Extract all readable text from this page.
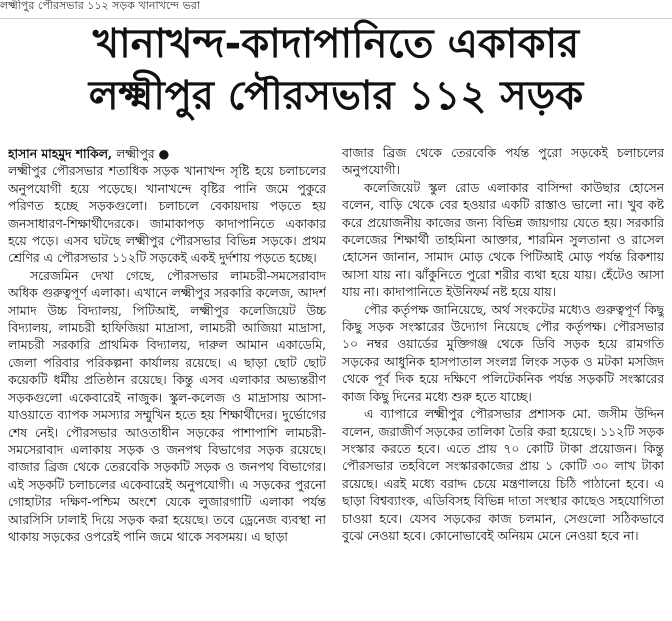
লক্ষ্মীপুর পৌরসভার ১১২ সড়ক খানাখন্দে ভরা
খানাখন্দ-কাদাপানিতে একাকার
লক্ষ্মীপুর পৌরসভার ১১২ সড়ক

হাসান মাহমুদ শাকিল, লক্ষ্মীপুর ●

লক্ষ্মীপুর পৌরসভার শতাধিক সড়ক খানাখন্দ সৃষ্টি হয়ে চলাচলের অনুপযোগী হয়ে পড়েছে। খানাখন্দে বৃষ্টির পানি জমে পুকুরে পরিণত হচ্ছে সড়কগুলো। চলাচলে বেকায়দায় পড়তে হয় জনসাধারণ-শিক্ষার্থীদেরকে। জামাকাপড় কাদাপানিতে একাকার হয়ে পড়ে। এসব ঘটছে লক্ষ্মীপুর পৌরসভার বিভিন্ন সড়কে। প্রথম শ্রেণির এ পৌরসভার ১১২টি সড়কেই একই দুর্দশায় পড়তে হচ্ছে।

সরেজমিন দেখা গেছে, পৌরসভার লামচরী-সমসেরাবাদ অধিক গুরুত্বপূর্ণ এলাকা। এখানে লক্ষ্মীপুর সরকারি কলেজ, আদর্শ সামাদ উচ্চ বিদ্যালয়, পিটিআই, লক্ষ্মীপুর কলেজিয়েট উচ্চ বিদ্যালয়, লামচরী হাফিজিয়া মাদ্রাসা, লামচরী আজিয়া মাদ্রাসা, লামচরী সরকারি প্রাথমিক বিদ্যালয়, দারুল আমান একাডেমি, জেলা পরিবার পরিকল্পনা কার্যালয় রয়েছে। এ ছাড়া ছোট ছোট কয়েকটি ধর্মীয় প্রতিষ্ঠান রয়েছে। কিন্তু এসব এলাকার অভ্যন্তরীণ সড়কগুলো একেবারেই নাজুক। স্কুল-কলেজ ও মাদ্রাসায় আসা-যাওয়াতে ব্যাপক সমস্যার সম্মুখিন হতে হয় শিক্ষার্থীদের। দুর্ভোগের শেষ নেই। পৌরসভার আওতাধীন সড়কের পাশাপাশি লামচরী-সমসেরাবাদ এলাকায় সড়ক ও জনপথ বিভাগের সড়ক রয়েছে। বাজার ব্রিজ থেকে তেরবেকি সড়কটি সড়ক ও জনপথ বিভাগের। এই সড়কটি চলাচলের একেবারেই অনুপযোগী। এ সড়কের পুরনো গোহাটার দক্ষিণ-পশ্চিম অংশে যেকে লুজারগাটি এলাকা পর্যন্ত আরসিসি ঢালাই দিয়ে সড়ক করা হয়েছে। তবে ড্রেনেজ ব্যবস্থা না থাকায় সড়কের ওপরেই পানি জমে থাকে সবসময়। এ ছাড়া

বাজার ব্রিজ থেকে তেরবেকি পর্যন্ত পুরো সড়কেই চলাচলের অনুপযোগী।

কলেজিয়েট স্কুল রোড এলাকার বাসিন্দা কাউছার হোসেন বলেন, বাড়ি থেকে বের হওয়ার একটি রাস্তাও ভালো না। খুব কষ্ট করে প্রয়োজনীয় কাজের জন্য বিভিন্ন জায়গায় যেতে হয়। সরকারি কলেজের শিক্ষার্থী তাহমিনা আক্তার, শারমিন সুলতানা ও রাসেল হোসেন জানান, সামাদ মোড় থেকে পিটিআই মোড় পর্যন্ত রিকশায় আসা যায় না। ঝাঁকুনিতে পুরো শরীর ব্যথা হয়ে যায়। হেঁটেও আসা যায় না। কাদাপানিতে ইউনিফর্ম নষ্ট হয়ে যায়।

পৌর কর্তৃপক্ষ জানিয়েছে, অর্থ সংকটের মধ্যেও গুরুত্বপূর্ণ কিছু কিছু সড়ক সংস্কারের উদ্যোগ নিয়েছে পৌর কর্তৃপক্ষ। পৌরসভার ১০ নম্বর ওয়ার্ডের মুক্তিগঞ্জ থেকে ডিবি সড়ক হয়ে রামগতি সড়কের আধুনিক হাসপাতাল সংলগ্ন লিংক সড়ক ও মটকা মসজিদ থেকে পূর্ব দিক হয়ে দক্ষিণে পলিটেকনিক পর্যন্ত সড়কটি সংস্কারের কাজ কিছু দিনের মধ্যে শুরু হতে যাচ্ছে।

এ ব্যাপারে লক্ষ্মীপুর পৌরসভার প্রশাসক মো. জসীম উদ্দিন বলেন, জরাজীর্ণ সড়কের তালিকা তৈরি করা হয়েছে। ১১২টি সড়ক সংস্কার করতে হবে। এতে প্রায় ৭০ কোটি টাকা প্রয়োজন। কিন্তু পৌরসভার তহবিলে সংস্কারকাজের প্রায় ১ কোটি ৩০ লাখ টাকা রয়েছে। এরই মধ্যে বরাদ্দ চেয়ে মন্ত্রণালয়ে চিঠি পাঠানো হবে। এ ছাড়া বিশ্বব্যাংক, এডিবিসহ বিভিন্ন দাতা সংস্থার কাছেও সহযোগিতা চাওয়া হবে। যেসব সড়কের কাজ চলমান, সেগুলো সঠিকভাবে বুঝে নেওয়া হবে। কোনোভাবেই অনিয়ম মেনে নেওয়া হবে না।
